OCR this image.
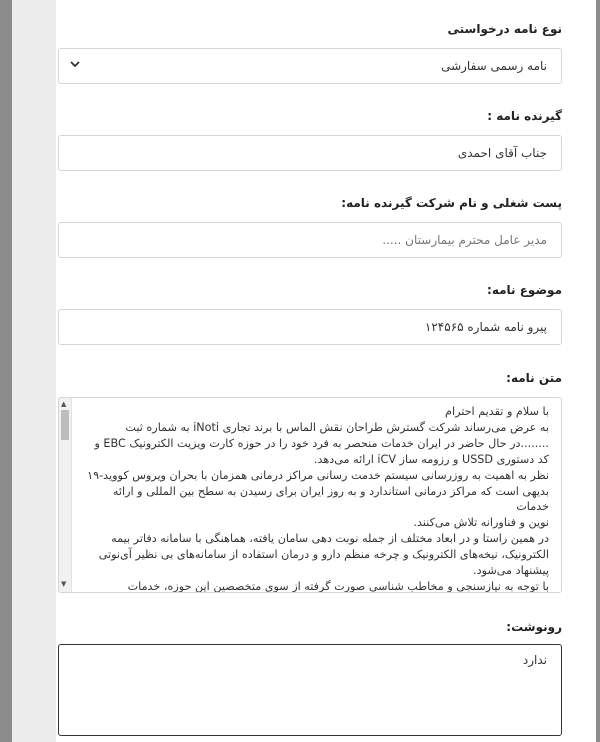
نوع نامه درخواستی
نامه رسمی سفارشی
گیرنده نامه :
جناب آقای احمدی
پست شغلی و نام شرکت گیرنده نامه:
مدیر عامل محترم بیمارستان .....
موضوع نامه:
پیرو نامه شماره ۱۲۴۵۶۵
متن نامه:

با سلام و تقدیم احترام

به عرض می‌رساند شرکت گسترش طراحان نقش الماس با برند تجاری iNoti به شماره ثبت

........در حال حاضر در ایران خدمات منحصر به فرد خود را در حوزه کارت ویزیت الکترونیک EBC و

کد دستوری USSD و رزومه ساز iCV ارائه می‌دهد.

نظر به اهمیت به روزرسانی سیستم خدمت رسانی مراکز درمانی همزمان با بحران ویروس کووید-۱۹

بدیهی است که مراکز درمانی استاندارد و به روز ایران برای رسیدن به سطح بین المللی و ارائه خدمات

نوین و فناورانه تلاش می‌کنند.

در همین راستا و در ابعاد مختلف از جمله نوبت دهی سامان یافته، هماهنگی با سامانه دفاتر بیمه

الکترونیک، نیخه‌های الکترونیک و چرخه منظم دارو و درمان استفاده از سامانه‌های بی نظیر آی‌نوتی

پیشنهاد می‌شود.

با توجه به نیازسنجی و مخاطب شناسی صورت گرفته از سوی متخصصین این حوزه، خدمات

▲
▼
رونوشت:
ندارد
